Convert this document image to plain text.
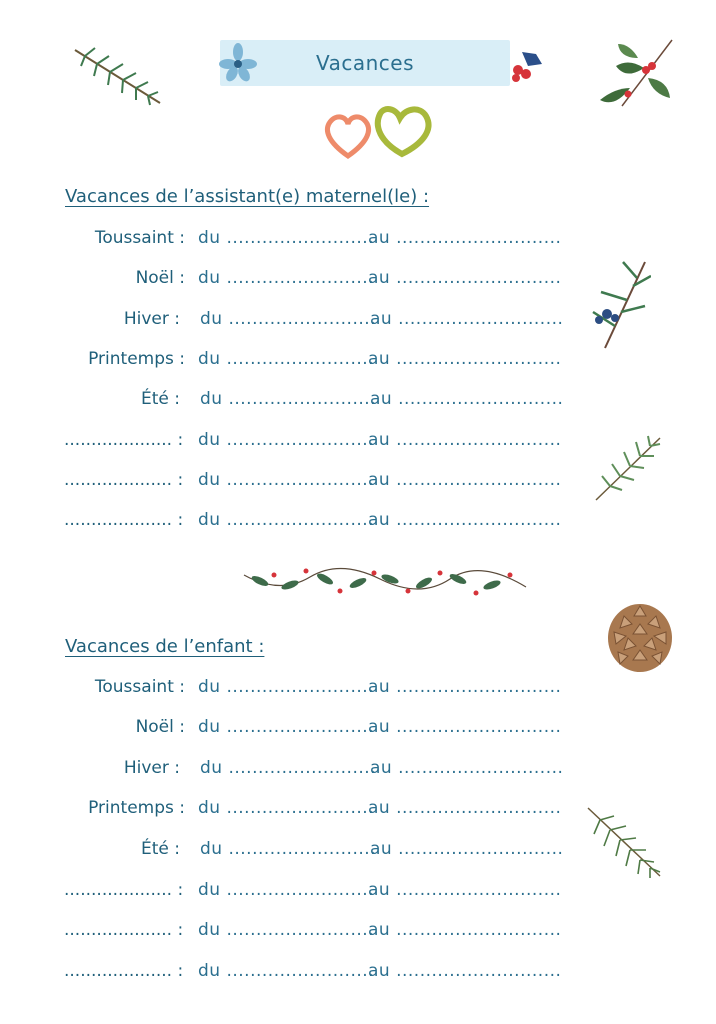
Vacances
Vacances de l’assistant(e) maternel(le) :
Toussaint : du .........................
au ............................
Noël : du .........................
au ............................
Hiver : du .........................
au ............................
Printemps : du .........................
au ............................
Été : du .........................
au ............................
.................... : du .........................
au ............................
.................... : du .........................
au ............................
.................... : du .........................
au ............................
Vacances de l’enfant :
Toussaint : du .........................
au ............................
Noël : du .........................
au ............................
Hiver : du .........................
au ............................
Printemps : du .........................
au ............................
Été : du .........................
au ............................
.................... : du .........................
au ............................
.................... : du .........................
au ............................
.................... : du .........................
au ............................
